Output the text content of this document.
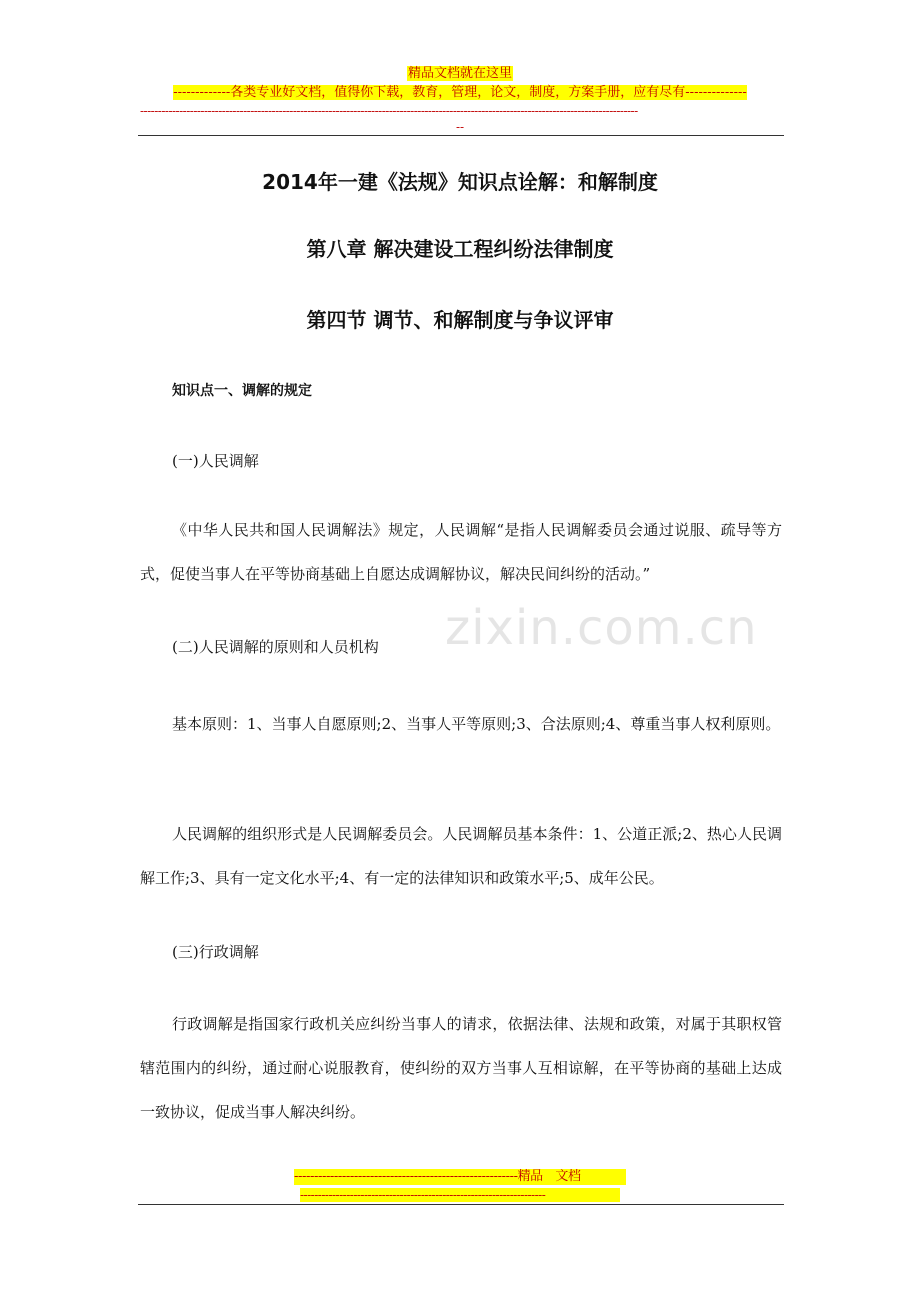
精品文档就在这里
-------------各类专业好文档，值得你下载，教育，管理，论文，制度，方案手册，应有尽有--------------
--------------------------------------------------------------------------------------------------------------------------------------------
--
2014年一建《法规》知识点诠解：和解制度
第八章 解决建设工程纠纷法律制度
第四节 调节、和解制度与争议评审
知识点一、调解的规定
(一)人民调解
《中华人民共和国人民调解法》规定，人民调解“是指人民调解委员会通过说服、疏导等方式，促使当事人在平等协商基础上自愿达成调解协议，解决民间纠纷的活动。”
(二)人民调解的原则和人员机构
基本原则：1、当事人自愿原则;2、当事人平等原则;3、合法原则;4、尊重当事人权利原则。
人民调解的组织形式是人民调解委员会。人民调解员基本条件：1、公道正派;2、热心人民调解工作;3、具有一定文化水平;4、有一定的法律知识和政策水平;5、成年公民。
(三)行政调解
行政调解是指国家行政机关应纠纷当事人的请求，依据法律、法规和政策，对属于其职权管辖范围内的纠纷，通过耐心说服教育，使纠纷的双方当事人互相谅解，在平等协商的基础上达成一致协议，促成当事人解决纠纷。
zixin.com.cn
--------------------------------------------------------精品　文档
---------------------------------------------------------------------
